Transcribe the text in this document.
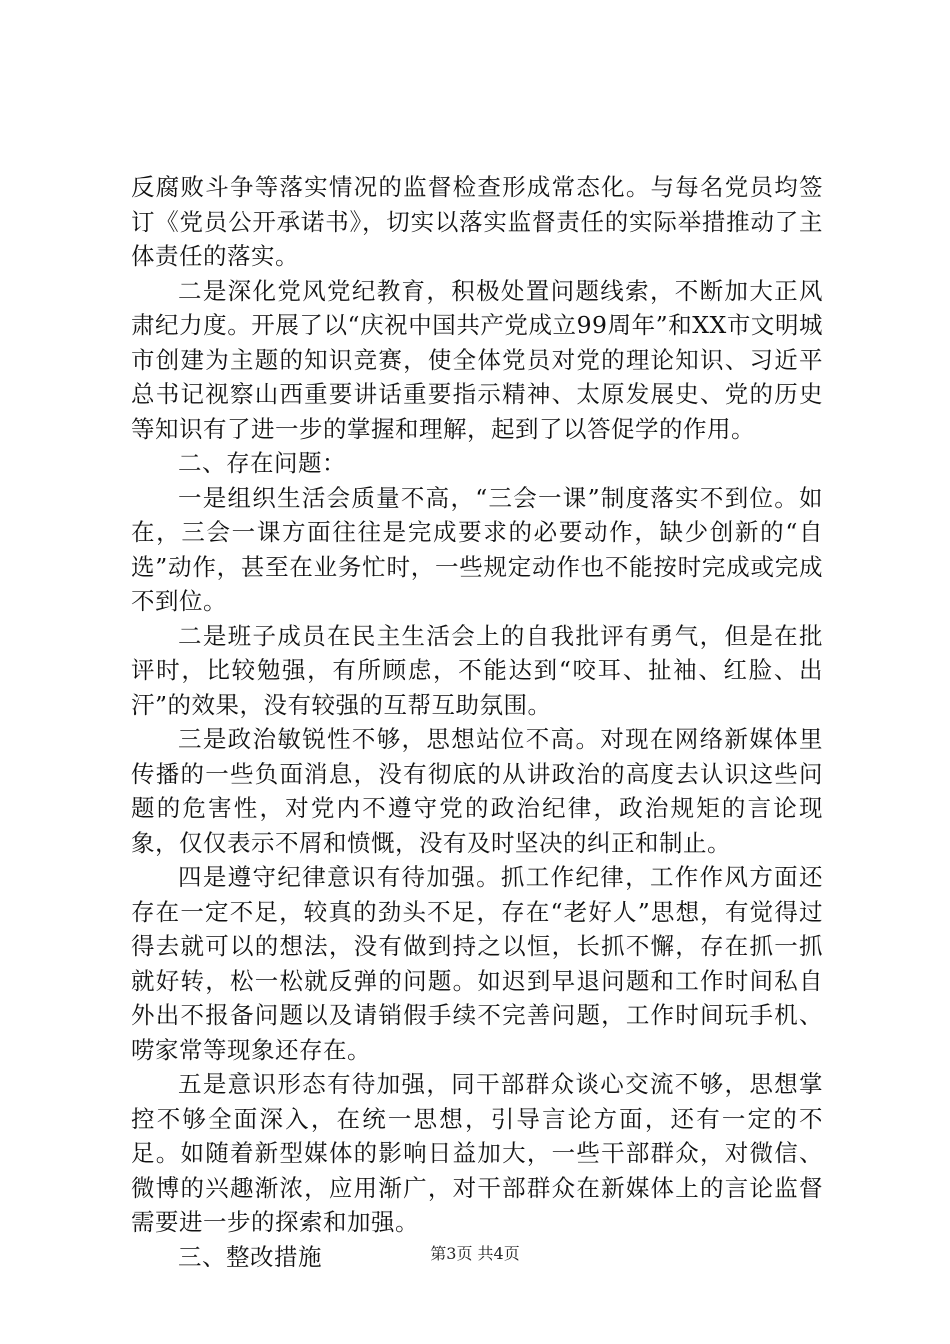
反腐败斗争等落实情况的监督检查形成常态化。与每名党员均签订《党员公开承诺书》，切实以落实监督责任的实际举措推动了主体责任的落实。

二是深化党风党纪教育，积极处置问题线索，不断加大正风肃纪力度。开展了以“庆祝中国共产党成立99周年”和XX市文明城市创建为主题的知识竞赛，使全体党员对党的理论知识、习近平总书记视察山西重要讲话重要指示精神、太原发展史、党的历史等知识有了进一步的掌握和理解，起到了以答促学的作用。

二、存在问题：

一是组织生活会质量不高，“三会一课”制度落实不到位。如在，三会一课方面往往是完成要求的必要动作，缺少创新的“自选”动作，甚至在业务忙时，一些规定动作也不能按时完成或完成不到位。

二是班子成员在民主生活会上的自我批评有勇气，但是在批评时，比较勉强，有所顾虑，不能达到“咬耳、扯袖、红脸、出汗”的效果，没有较强的互帮互助氛围。

三是政治敏锐性不够，思想站位不高。对现在网络新媒体里传播的一些负面消息，没有彻底的从讲政治的高度去认识这些问题的危害性，对党内不遵守党的政治纪律，政治规矩的言论现象，仅仅表示不屑和愤慨，没有及时坚决的纠正和制止。

四是遵守纪律意识有待加强。抓工作纪律，工作作风方面还存在一定不足，较真的劲头不足，存在“老好人”思想，有觉得过得去就可以的想法，没有做到持之以恒，长抓不懈，存在抓一抓就好转，松一松就反弹的问题。如迟到早退问题和工作时间私自外出不报备问题以及请销假手续不完善问题，工作时间玩手机、唠家常等现象还存在。

五是意识形态有待加强，同干部群众谈心交流不够，思想掌控不够全面深入，在统一思想，引导言论方面，还有一定的不足。如随着新型媒体的影响日益加大，一些干部群众，对微信、微博的兴趣渐浓，应用渐广，对干部群众在新媒体上的言论监督需要进一步的探索和加强。

三、整改措施	第3页 共4页
